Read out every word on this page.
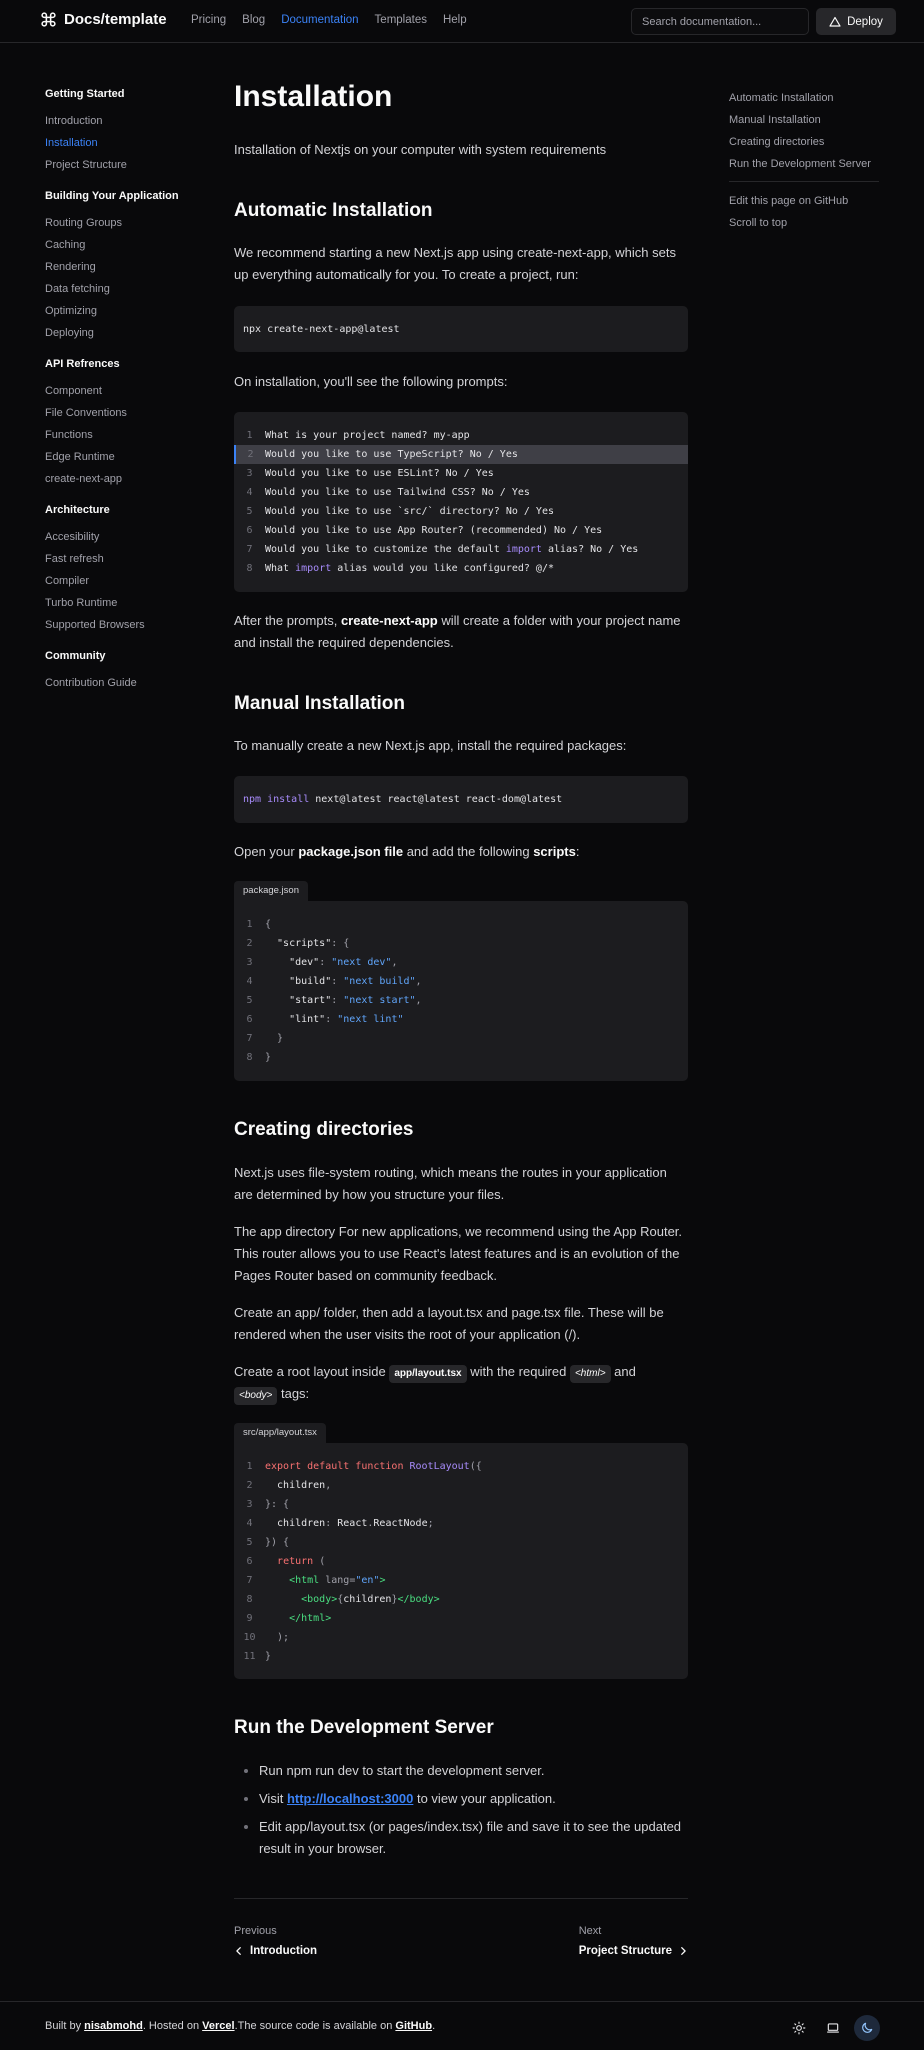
Docs/template Pricing Blog Documentation Templates Help
Search documentation...	Deploy
Getting Started
Introduction
Installation
Project Structure
Building Your Application
Routing Groups
Caching
Rendering
Data fetching
Optimizing
Deploying
API Refrences
Component
File Conventions
Functions
Edge Runtime
create-next-app
Architecture
Accesibility
Fast refresh
Compiler
Turbo Runtime
Supported Browsers
Community
Contribution Guide
Automatic Installation
Manual Installation
Creating directories
Run the Development Server
Edit this page on GitHub
Scroll to top
Installation

Installation of Nextjs on your computer with system requirements

Automatic Installation

We recommend starting a new Next.js app using create-next-app, which sets up everything automatically for you. To create a project, run:

npx create-next-app@latest

On installation, you'll see the following prompts:

1 What is your project named? my-app
2 Would you like to use TypeScript? No / Yes
3 Would you like to use ESLint? No / Yes
4 Would you like to use Tailwind CSS? No / Yes
5 Would you like to use `src/` directory? No / Yes
6 Would you like to use App Router? (recommended) No / Yes
7 Would you like to customize the default import alias? No / Yes
8 What import alias would you like configured? @/*

After the prompts, create-next-app will create a folder with your project name and install the required dependencies.

Manual Installation

To manually create a new Next.js app, install the required packages:

npm install next@latest react@latest react-dom@latest

Open your package.json file and add the following scripts:

package.json
1 {
2  "scripts": {
3    "dev": "next dev",
4    "build": "next build",
5    "start": "next start",
6    "lint": "next lint"
7  }
8 }
Creating directories

Next.js uses file-system routing, which means the routes in your application are determined by how you structure your files.

The app directory For new applications, we recommend using the App Router. This router allows you to use React's latest features and is an evolution of the Pages Router based on community feedback.

Create an app/ folder, then add a layout.tsx and page.tsx file. These will be rendered when the user visits the root of your application (/).

Create a root layout inside app/layout.tsx with the required <html> and
<body> tags:

src/app/layout.tsx
1 export default function RootLayout({
2  children,
3 }: {
4  children: React.ReactNode;
5 }) {
6 return (
7	<html lang="en">
8	<body>{children}</body>
9	</html>
10  );
11 }
Run the Development Server
Run npm run dev to start the development server.
Visit http://localhost:3000 to view your application.
Edit app/layout.tsx (or pages/index.tsx) file and save it to see the updated result in your browser.
Previous
Introduction
Next
Project Structure
Built by nisabmohd. Hosted on Vercel.The source code is available on GitHub.
